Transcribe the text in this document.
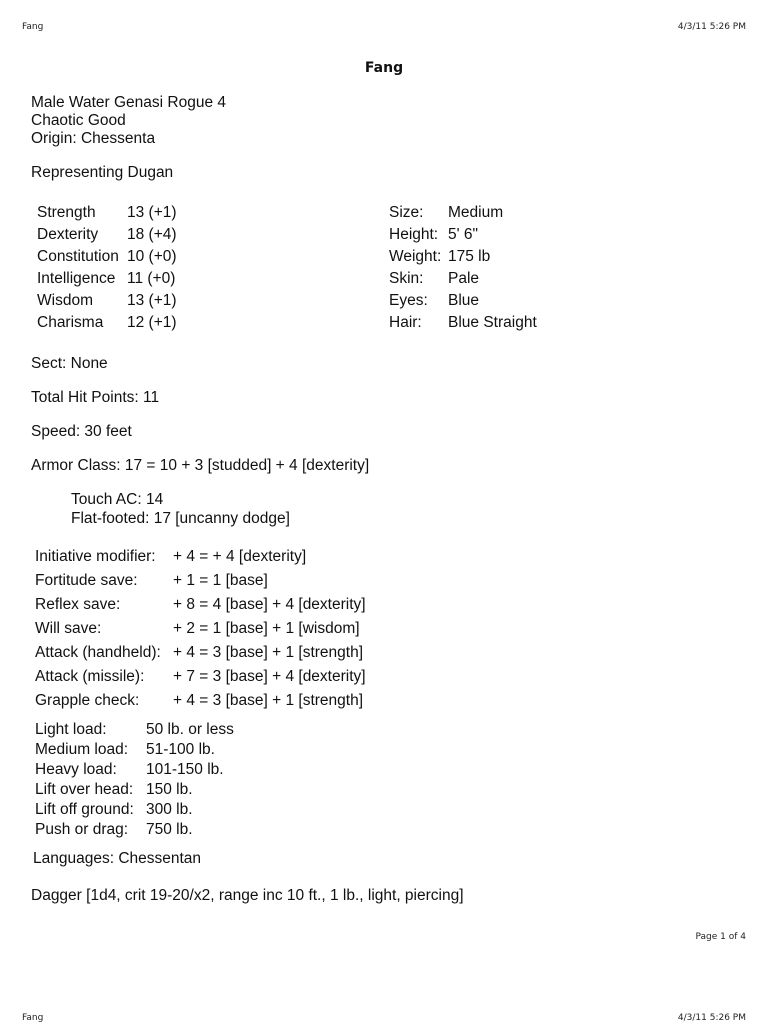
Fang	4/3/11 5:26 PM
Fang
Male Water Genasi Rogue 4
Chaotic Good
Origin: Chessenta
Representing Dugan
Strength	13 (+1)
Dexterity	18 (+4)
Constitution	10 (+0)
Intelligence	11 (+0)
Wisdom	13 (+1)
Charisma	12 (+1)
Size:	Medium
Height:	5' 6"
Weight:	175 lb
Skin:	Pale
Eyes:	Blue
Hair:	Blue Straight
Sect: None
Total Hit Points: 11
Speed: 30 feet
Armor Class: 17 = 10 + 3 [studded] + 4 [dexterity]
Touch AC: 14
Flat-footed: 17 [uncanny dodge]
Initiative modifier:	+ 4 = + 4 [dexterity]
Fortitude save:	+ 1 = 1 [base]
Reflex save:	+ 8 = 4 [base] + 4 [dexterity]
Will save:	+ 2 = 1 [base] + 1 [wisdom]
Attack (handheld):	+ 4 = 3 [base] + 1 [strength]
Attack (missile):	+ 7 = 3 [base] + 4 [dexterity]
Grapple check:	+ 4 = 3 [base] + 1 [strength]
Light load:	50 lb. or less
Medium load:	51-100 lb.
Heavy load:	101-150 lb.
Lift over head:	150 lb.
Lift off ground:	300 lb.
Push or drag:	750 lb.
Languages: Chessentan
Dagger [1d4, crit 19-20/x2, range inc 10 ft., 1 lb., light, piercing]
Page 1 of 4
Fang	4/3/11 5:26 PM
